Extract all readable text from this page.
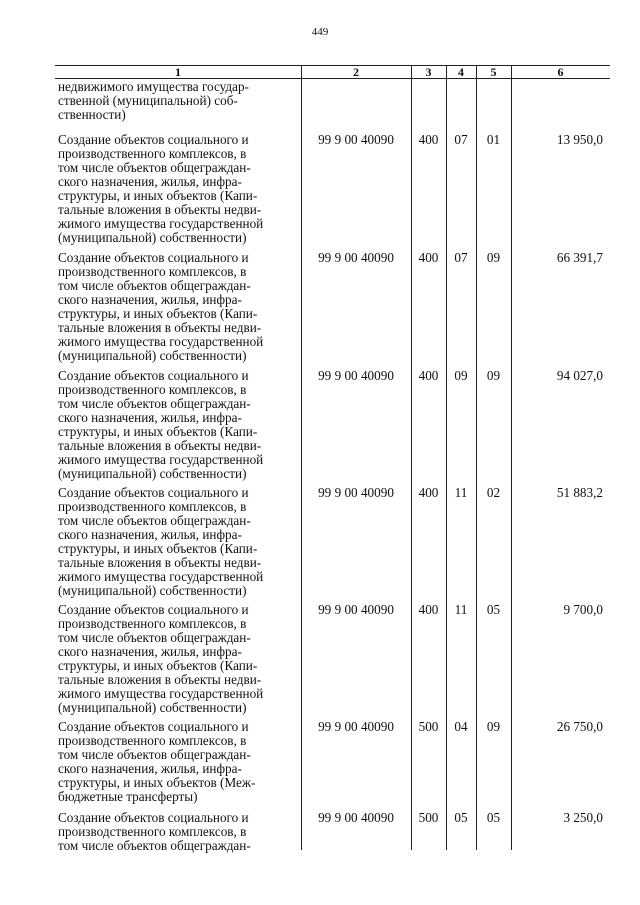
449
1	2	3	4	5	6
недвижимого имущества государ-
ственной (муниципальной) соб-
ственности)
Создание объектов социального и
производственного комплексов, в
том числе объектов общеграждан-
ского назначения, жилья, инфра-
структуры, и иных объектов (Капи-
тальные вложения в объекты недви-
жимого имущества государственной
(муниципальной) собственности)
99 9 00 40090	400	07	01	13 950,0
Создание объектов социального и
производственного комплексов, в
том числе объектов общеграждан-
ского назначения, жилья, инфра-
структуры, и иных объектов (Капи-
тальные вложения в объекты недви-
жимого имущества государственной
(муниципальной) собственности)
99 9 00 40090	400	07	09	66 391,7
Создание объектов социального и
производственного комплексов, в
том числе объектов общеграждан-
ского назначения, жилья, инфра-
структуры, и иных объектов (Капи-
тальные вложения в объекты недви-
жимого имущества государственной
(муниципальной) собственности)
99 9 00 40090	400	09	09	94 027,0
Создание объектов социального и
производственного комплексов, в
том числе объектов общеграждан-
ского назначения, жилья, инфра-
структуры, и иных объектов (Капи-
тальные вложения в объекты недви-
жимого имущества государственной
(муниципальной) собственности)
99 9 00 40090	400	11	02	51 883,2
Создание объектов социального и
производственного комплексов, в
том числе объектов общеграждан-
ского назначения, жилья, инфра-
структуры, и иных объектов (Капи-
тальные вложения в объекты недви-
жимого имущества государственной
(муниципальной) собственности)
99 9 00 40090	400	11	05	9 700,0
Создание объектов социального и
производственного комплексов, в
том числе объектов общеграждан-
ского назначения, жилья, инфра-
структуры, и иных объектов (Меж-
бюджетные трансферты)
99 9 00 40090	500	04	09	26 750,0
Создание объектов социального и
производственного комплексов, в
том числе объектов общеграждан-
99 9 00 40090	500	05	05	3 250,0
